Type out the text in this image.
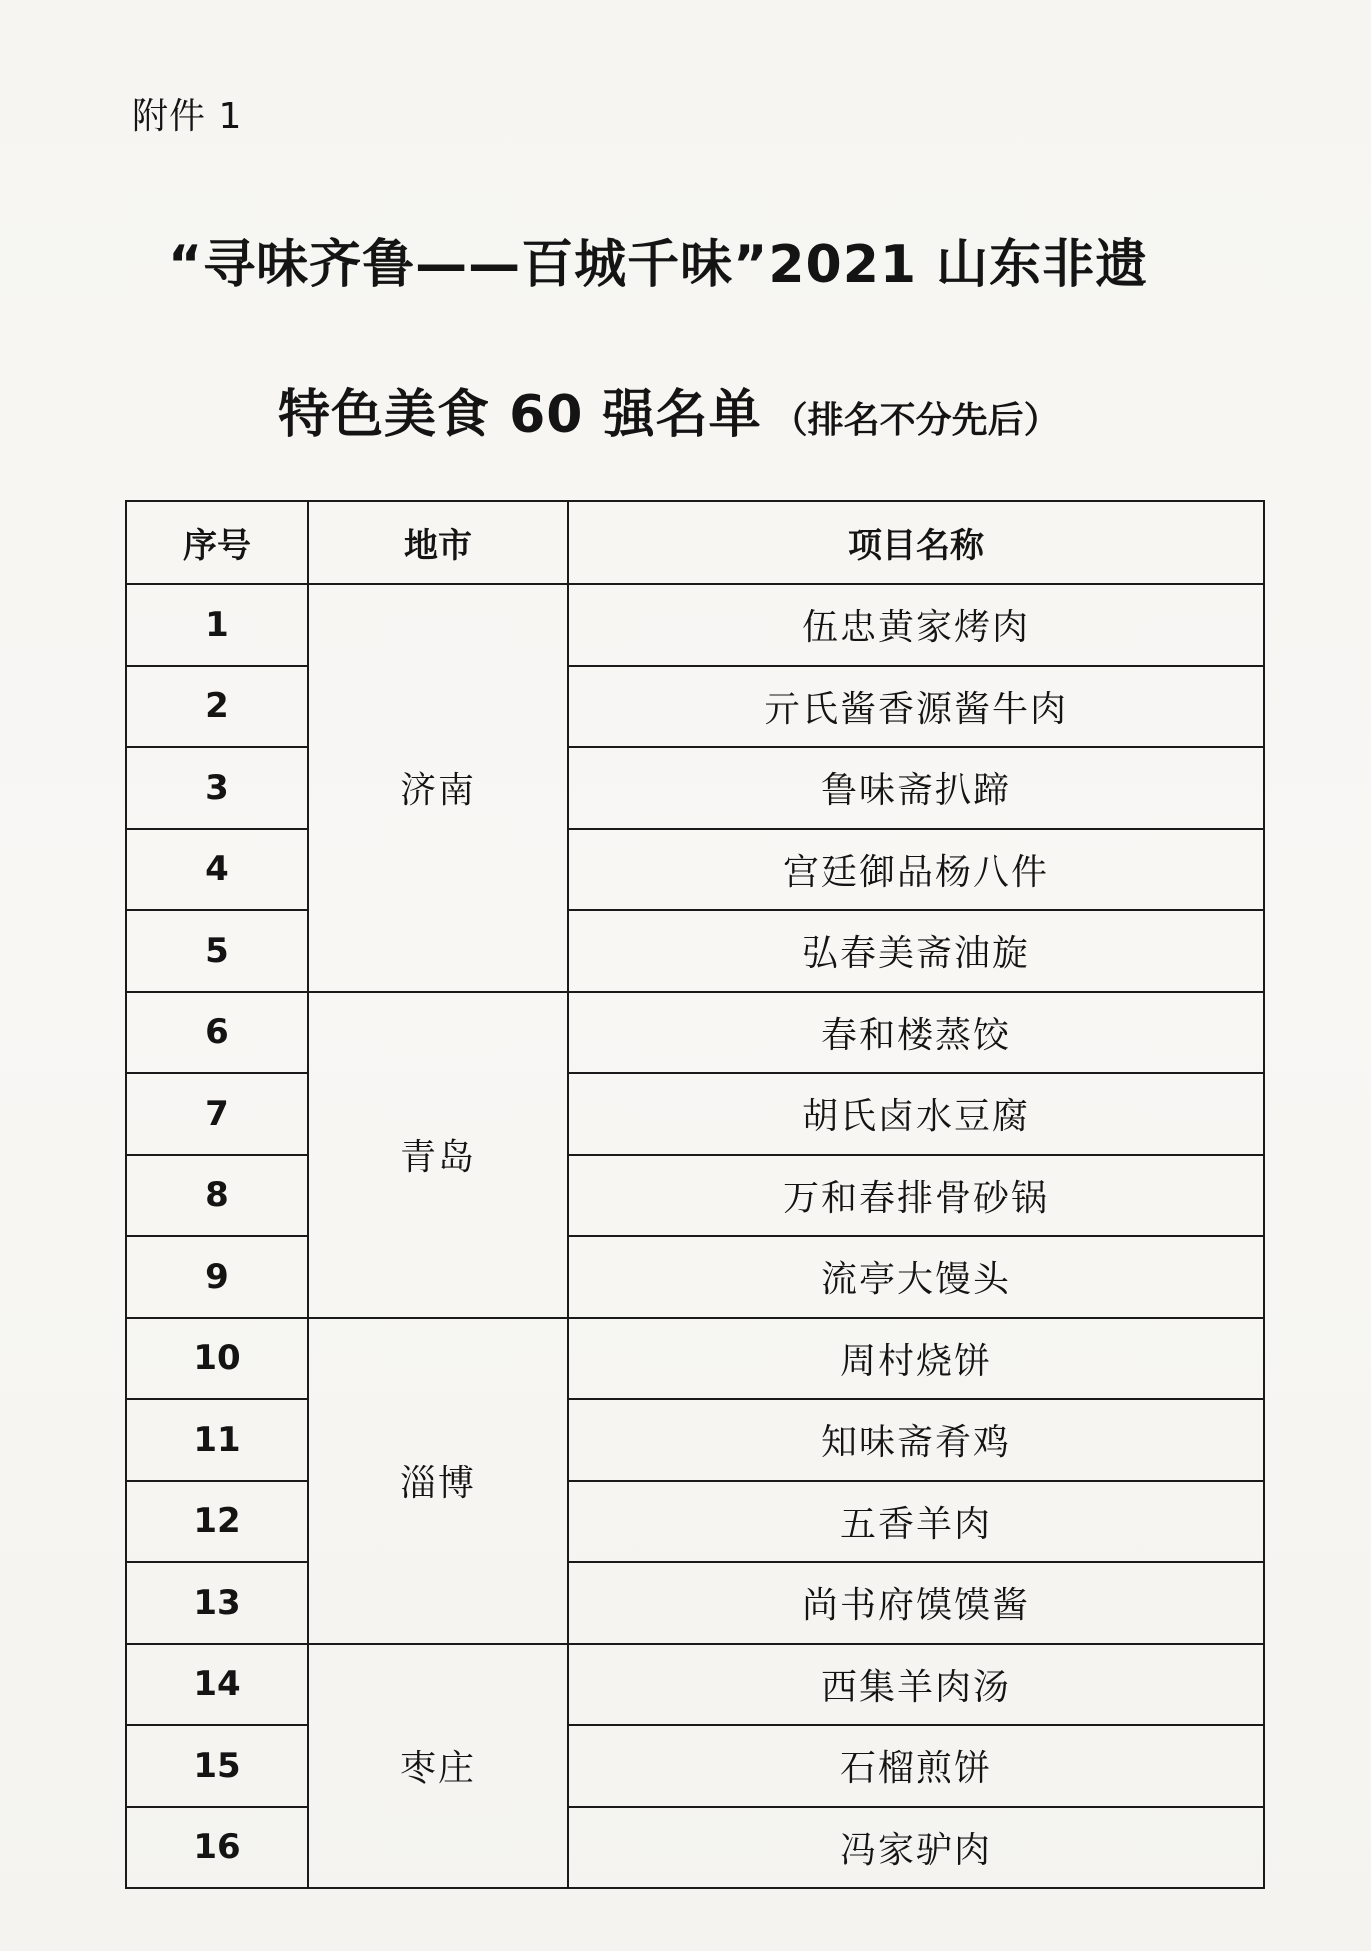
附件 1
“寻味齐鲁——百城千味”2021 山东非遗
特色美食 60 强名单 （排名不分先后）
序号	地市	项目名称
1	济南	伍忠黄家烤肉
2		亓氏酱香源酱牛肉
3		鲁味斋扒蹄
4		宫廷御品杨八件
5		弘春美斋油旋
6	青岛	春和楼蒸饺
7		胡氏卤水豆腐
8		万和春排骨砂锅
9		流亭大馒头
10	淄博	周村烧饼
11		知味斋肴鸡
12		五香羊肉
13		尚书府馍馍酱
14	枣庄	西集羊肉汤
15		石榴煎饼
16		冯家驴肉
